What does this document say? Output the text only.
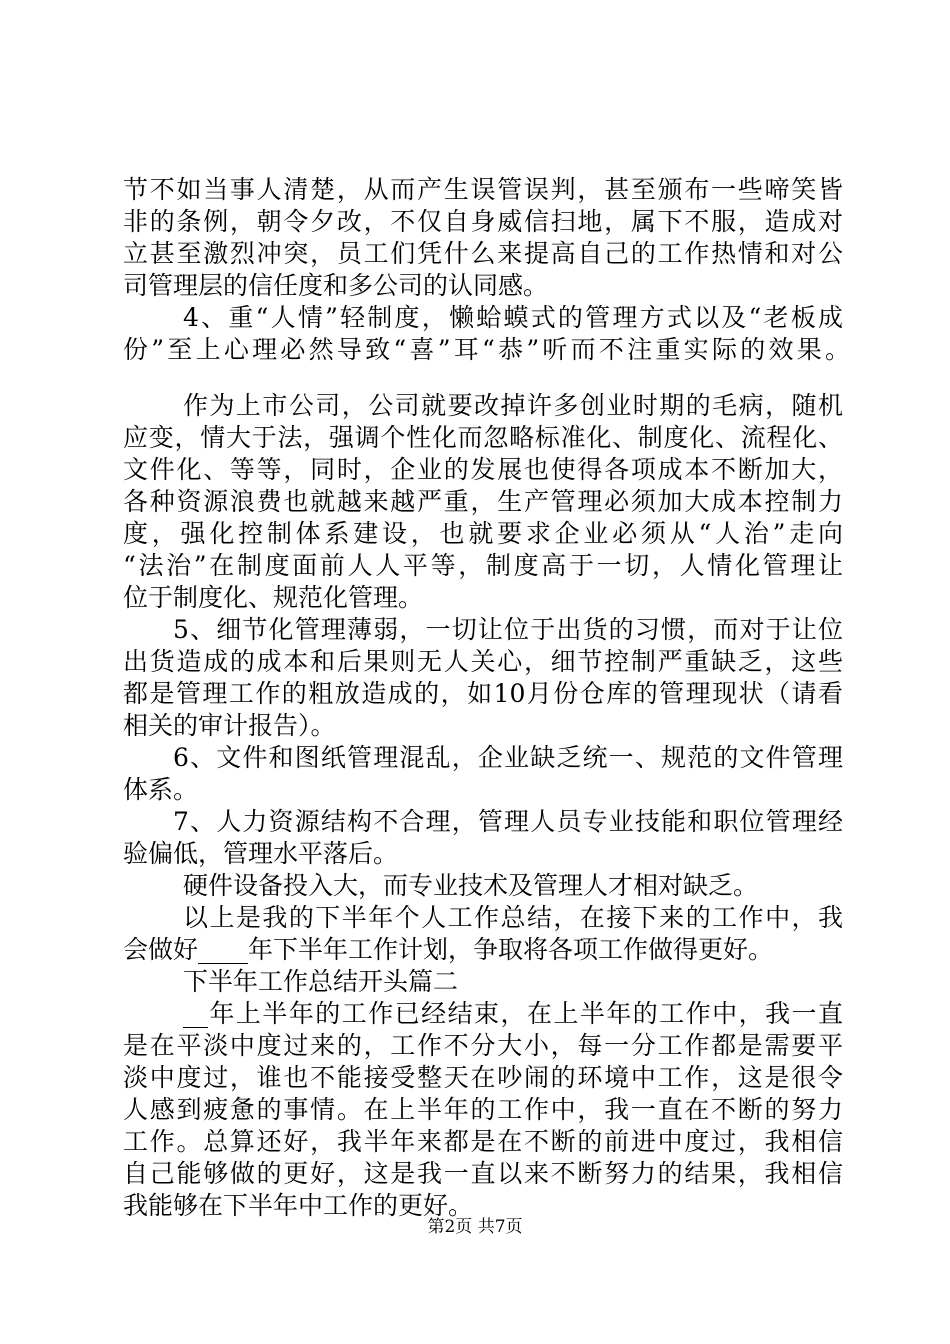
节不如当事人清楚，从而产生误管误判，甚至颁布一些啼笑皆
非的条例，朝令夕改，不仅自身威信扫地，属下不服，造成对
立甚至激烈冲突，员工们凭什么来提高自己的工作热情和对公
司管理层的信任度和多公司的认同感。
4、重“人情”轻制度，懒蛤蟆式的管理方式以及“老板成
份”至上心理必然导致“喜”耳“恭”听而不注重实际的效果。
作为上市公司，公司就要改掉许多创业时期的毛病，随机
应变，情大于法，强调个性化而忽略标准化、制度化、流程化、
文件化、等等，同时，企业的发展也使得各项成本不断加大，
各种资源浪费也就越来越严重，生产管理必须加大成本控制力
度，强化控制体系建设，也就要求企业必须从“人治”走向
“法治”在制度面前人人平等，制度高于一切，人情化管理让
位于制度化、规范化管理。
5、细节化管理薄弱，一切让位于出货的习惯，而对于让位
出货造成的成本和后果则无人关心，细节控制严重缺乏，这些
都是管理工作的粗放造成的，如10月份仓库的管理现状（请看
相关的审计报告）。
6、文件和图纸管理混乱，企业缺乏统一、规范的文件管理
体系。
7、人力资源结构不合理，管理人员专业技能和职位管理经
验偏低，管理水平落后。
硬件设备投入大，而专业技术及管理人才相对缺乏。
以上是我的下半年个人工作总结，在接下来的工作中，我
会做好____年下半年工作计划，争取将各项工作做得更好。
下半年工作总结开头篇二
__年上半年的工作已经结束，在上半年的工作中，我一直
是在平淡中度过来的，工作不分大小，每一分工作都是需要平
淡中度过，谁也不能接受整天在吵闹的环境中工作，这是很令
人感到疲惫的事情。在上半年的工作中，我一直在不断的努力
工作。总算还好，我半年来都是在不断的前进中度过，我相信
自己能够做的更好，这是我一直以来不断努力的结果，我相信
我能够在下半年中工作的更好。
第2页 共7页
